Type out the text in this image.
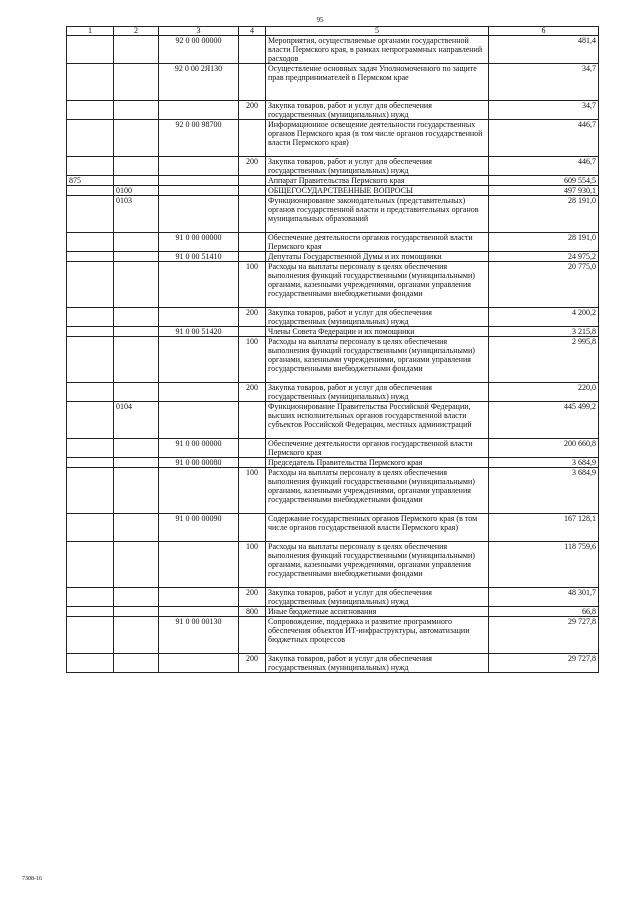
95
1	2	3	4	5	6
		92 0 00 00000		Мероприятия, осуществляемые органами государственной власти Пермского края, в рамках непрограммных направлений расходов	481,4
		92 0 00 2Я130		Осуществление основных задач Уполномоченного по защите прав предпринимателей в Пермском крае	34,7
			200	Закупка товаров, работ и услуг для обеспечения государственных (муниципальных) нужд	34,7
		92 0 00 98700		Информационное освещение деятельности государственных органов Пермского края (в том числе органов государственной власти Пермского края)	446,7
			200	Закупка товаров, работ и услуг для обеспечения государственных (муниципальных) нужд	446,7
875				Аппарат Правительства Пермского края	609 554,5
	0100			ОБЩЕГОСУДАРСТВЕННЫЕ ВОПРОСЫ	497 930,1
	0103			Функционирование законодательных (представительных) органов государственной власти и представительных органов муниципальных образований	28 191,0
		91 0 00 00000		Обеспечение деятельности органов государственной власти Пермского края	28 191,0
		91 0 00 51410		Депутаты Государственной Думы и их помощники	24 975,2
			100	Расходы на выплаты персоналу в целях обеспечения выполнения функций государственными (муниципальными) органами, казенными учреждениями, органами управления государственными внебюджетными фондами	20 775,0
			200	Закупка товаров, работ и услуг для обеспечения государственных (муниципальных) нужд	4 200,2
		91 0 00 51420		Члены Совета Федерации и их помощники	3 215,8
			100	Расходы на выплаты персоналу в целях обеспечения выполнения функций государственными (муниципальными) органами, казенными учреждениями, органами управления государственными внебюджетными фондами	2 995,8
			200	Закупка товаров, работ и услуг для обеспечения государственных (муниципальных) нужд	220,0
	0104			Функционирование Правительства Российской Федерации, высших исполнительных органов государственной власти субъектов Российской Федерации, местных администраций	445 499,2
		91 0 00 00000		Обеспечение деятельности органов государственной власти Пермского края	200 660,8
		91 0 00 00080		Председатель Правительства Пермского края	3 684,9
			100	Расходы на выплаты персоналу в целях обеспечения выполнения функций государственными (муниципальными) органами, казенными учреждениями, органами управления государственными внебюджетными фондами	3 684,9
		91 0 00 00090		Содержание государственных органов Пермского края (в том числе органов государственной власти Пермского края)	167 128,1
			100	Расходы на выплаты персоналу в целях обеспечения выполнения функций государственными (муниципальными) органами, казенными учреждениями, органами управления государственными внебюджетными фондами	118 759,6
			200	Закупка товаров, работ и услуг для обеспечения государственных (муниципальных) нужд	48 301,7
			800	Иные бюджетные ассигнования	66,8
		91 0 00 00130		Сопровождение, поддержка и развитие программного обеспечения объектов ИТ-инфраструктуры, автоматизации бюджетных процессов	29 727,8
			200	Закупка товаров, работ и услуг для обеспечения государственных (муниципальных) нужд	29 727,8
7308-16
